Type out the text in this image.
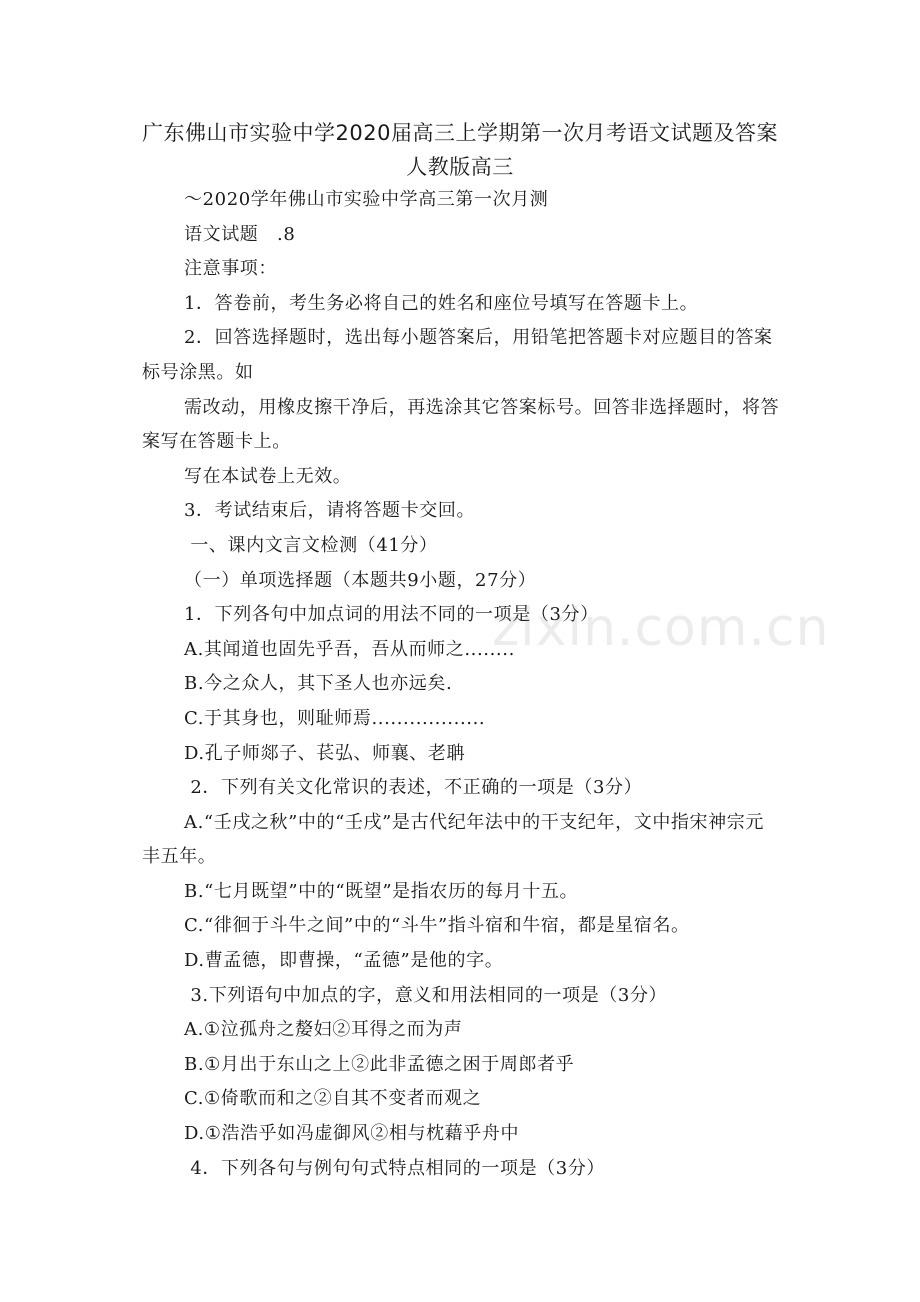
广东佛山市实验中学2020届高三上学期第一次月考语文试题及答案　人教版高三

～2020学年佛山市实验中学高三第一次月测

语文试题　.8

注意事项：

1．答卷前，考生务必将自己的姓名和座位号填写在答题卡上。

2．回答选择题时，选出每小题答案后，用铅笔把答题卡对应题目的答案标号涂黑。如

需改动，用橡皮擦干净后，再选涂其它答案标号。回答非选择题时，将答案写在答题卡上。

写在本试卷上无效。

3．考试结束后，请将答题卡交回。

一、课内文言文检测（41分）

（一）单项选择题（本题共9小题，27分）

1．下列各句中加点词的用法不同的一项是（3分）

A.其闻道也固先乎吾，吾从而师之........

B.今之众人，其下圣人也亦远矣.

C.于其身也，则耻师焉..................

D.孔子师郯子、苌弘、师襄、老聃

2．下列有关文化常识的表述，不正确的一项是（3分）

A.“壬戌之秋”中的“壬戌”是古代纪年法中的干支纪年，文中指宋神宗元丰五年。

B.“七月既望”中的“既望”是指农历的每月十五。

C.“徘徊于斗牛之间”中的“斗牛”指斗宿和牛宿，都是星宿名。

D.曹孟德，即曹操，“孟德”是他的字。

3.下列语句中加点的字，意义和用法相同的一项是（3分）

A.①泣孤舟之嫠妇②耳得之而为声

B.①月出于东山之上②此非孟德之困于周郎者乎

C.①倚歌而和之②自其不变者而观之

D.①浩浩乎如冯虚御风②相与枕藉乎舟中

4．下列各句与例句句式特点相同的一项是（3分）

zixin.com.cn
